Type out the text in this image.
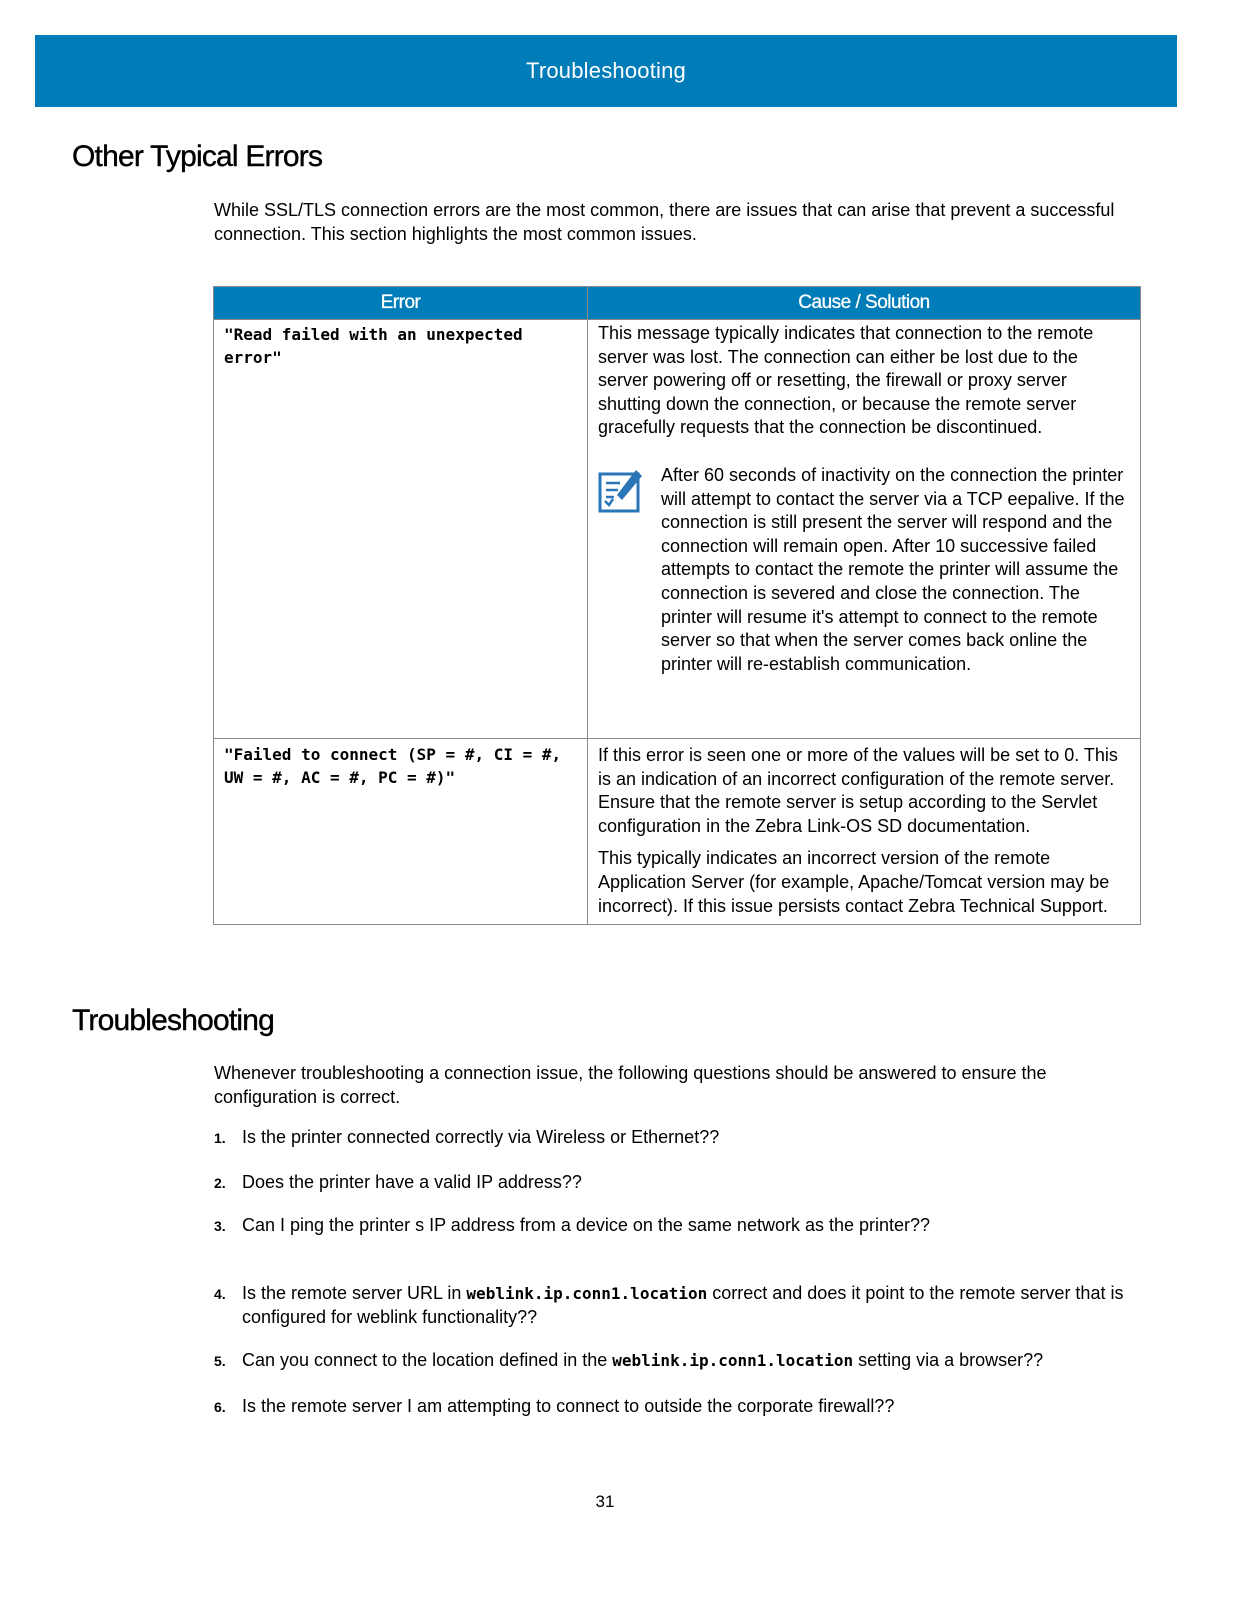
Troubleshooting
Other Typical Errors

While SSL/TLS connection errors are the most common, there are issues that can arise that prevent a successful connection. This section highlights the most common issues.

Error	Cause / Solution
"Read failed with an unexpected error"	This message typically indicates that connection to the remote server was lost. The connection can either be lost due to the server powering off or resetting, the firewall or proxy server shutting down the connection, or because the remote server gracefully requests that the connection be discontinued.

After 60 seconds of inactivity on the connection the printer will attempt to contact the server via a TCP eepalive. If the connection is still present the server will respond and the connection will remain open. After 10 successive failed attempts to contact the remote the printer will assume the connection is severed and close the connection. The printer will resume it's attempt to connect to the remote server so that when the server comes back online the printer will re-establish communication.

"Failed to connect (SP = #, CI = #, UW = #, AC = #, PC = #)"	If this error is seen one or more of the values will be set to 0. This is an indication of an incorrect configuration of the remote server. Ensure that the remote server is setup according to the Servlet configuration in the Zebra Link-OS SD documentation.

This typically indicates an incorrect version of the remote Application Server (for example, Apache/Tomcat version may be incorrect). If this issue persists contact Zebra Technical Support.

Troubleshooting

Whenever troubleshooting a connection issue, the following questions should be answered to ensure the configuration is correct.

1. Is the printer connected correctly via Wireless or Ethernet??
2. Does the printer have a valid IP address??
3. Can I ping the printer s IP address from a device on the same network as the printer??
4. Is the remote server URL in weblink.ip.conn1.location correct and does it point to the remote server that is configured for weblink functionality??
5. Can you connect to the location defined in the weblink.ip.conn1.location setting via a browser??
6. Is the remote server I am attempting to connect to outside the corporate firewall??
31
